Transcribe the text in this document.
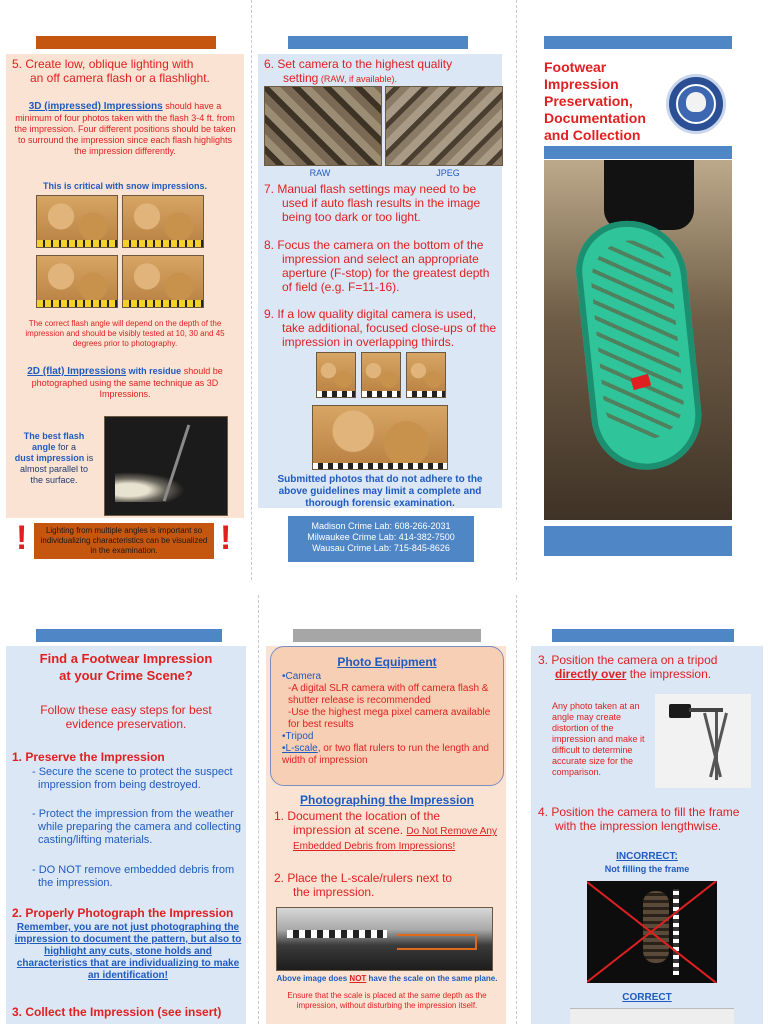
5. Create low, oblique lighting with
an off camera flash or a flashlight.
3D (impressed) Impressions should have a minimum of four photos taken with the flash 3-4 ft. from the impression. Four different positions should be taken to surround the impression since each flash highlights the impression differently.
This is critical with snow impressions.
The correct flash angle will depend on the depth of the impression and should be visibly tested at 10, 30 and 45 degrees prior to photography.
2D (flat) Impressions with residue should be photographed using the same technique as 3D Impressions.
The best flash
angle for a
dust impression is
almost parallel to
the surface.
!	Lighting from multiple angles is important so individualizing characteristics can be visualized in the examination.	!
6. Set camera to the highest quality
setting (RAW, if available).
RAW	JPEG
7. Manual flash settings may need to be used if auto flash results in the image being too dark or too light.
8. Focus the camera on the bottom of the impression and select an appropriate aperture (F-stop) for the greatest depth of field (e.g. F=11-16).
9. If a low quality digital camera is used, take additional, focused close-ups of the impression in overlapping thirds.
Submitted photos that do not adhere to the above guidelines may limit a complete and thorough forensic examination.
Madison Crime Lab: 608-266-2031
Milwaukee Crime Lab: 414-382-7500
Wausau Crime Lab: 715-845-8626
Footwear Impression
Preservation,
Documentation
and Collection
Find a Footwear Impression
at your Crime Scene?
Follow these easy steps for best
evidence preservation.
1. Preserve the Impression
- Secure the scene to protect the suspect impression from being destroyed.
- Protect the impression from the weather while preparing the camera and collecting casting/lifting materials.
- DO NOT remove embedded debris from the impression.
2. Properly Photograph the Impression
Remember, you are not just photographing the impression to document the pattern, but also to highlight any cuts, stone holds and characteristics that are individualizing to make an identification!
3. Collect the Impression (see insert)
Photo Equipment
•Camera
-A digital SLR camera with off camera flash & shutter release is recommended
-Use the highest mega pixel camera available for best results
•Tripod
•L-scale, or two flat rulers to run the length and width of impression
Photographing the Impression
1. Document the location of the
impression at scene. Do Not Remove Any Embedded Debris from Impressions!
2. Place the L-scale/rulers next to
the impression.
Above image does NOT have the scale on the same plane.
Ensure that the scale is placed at the same depth as the impression, without disturbing the impression itself.
3. Position the camera on a tripod
directly over the impression.
Any photo taken at an angle may create distortion of the impression and make it difficult to determine accurate size for the comparison.
4. Position the camera to fill the frame with the impression lengthwise.
INCORRECT:
Not filling the frame
CORRECT
